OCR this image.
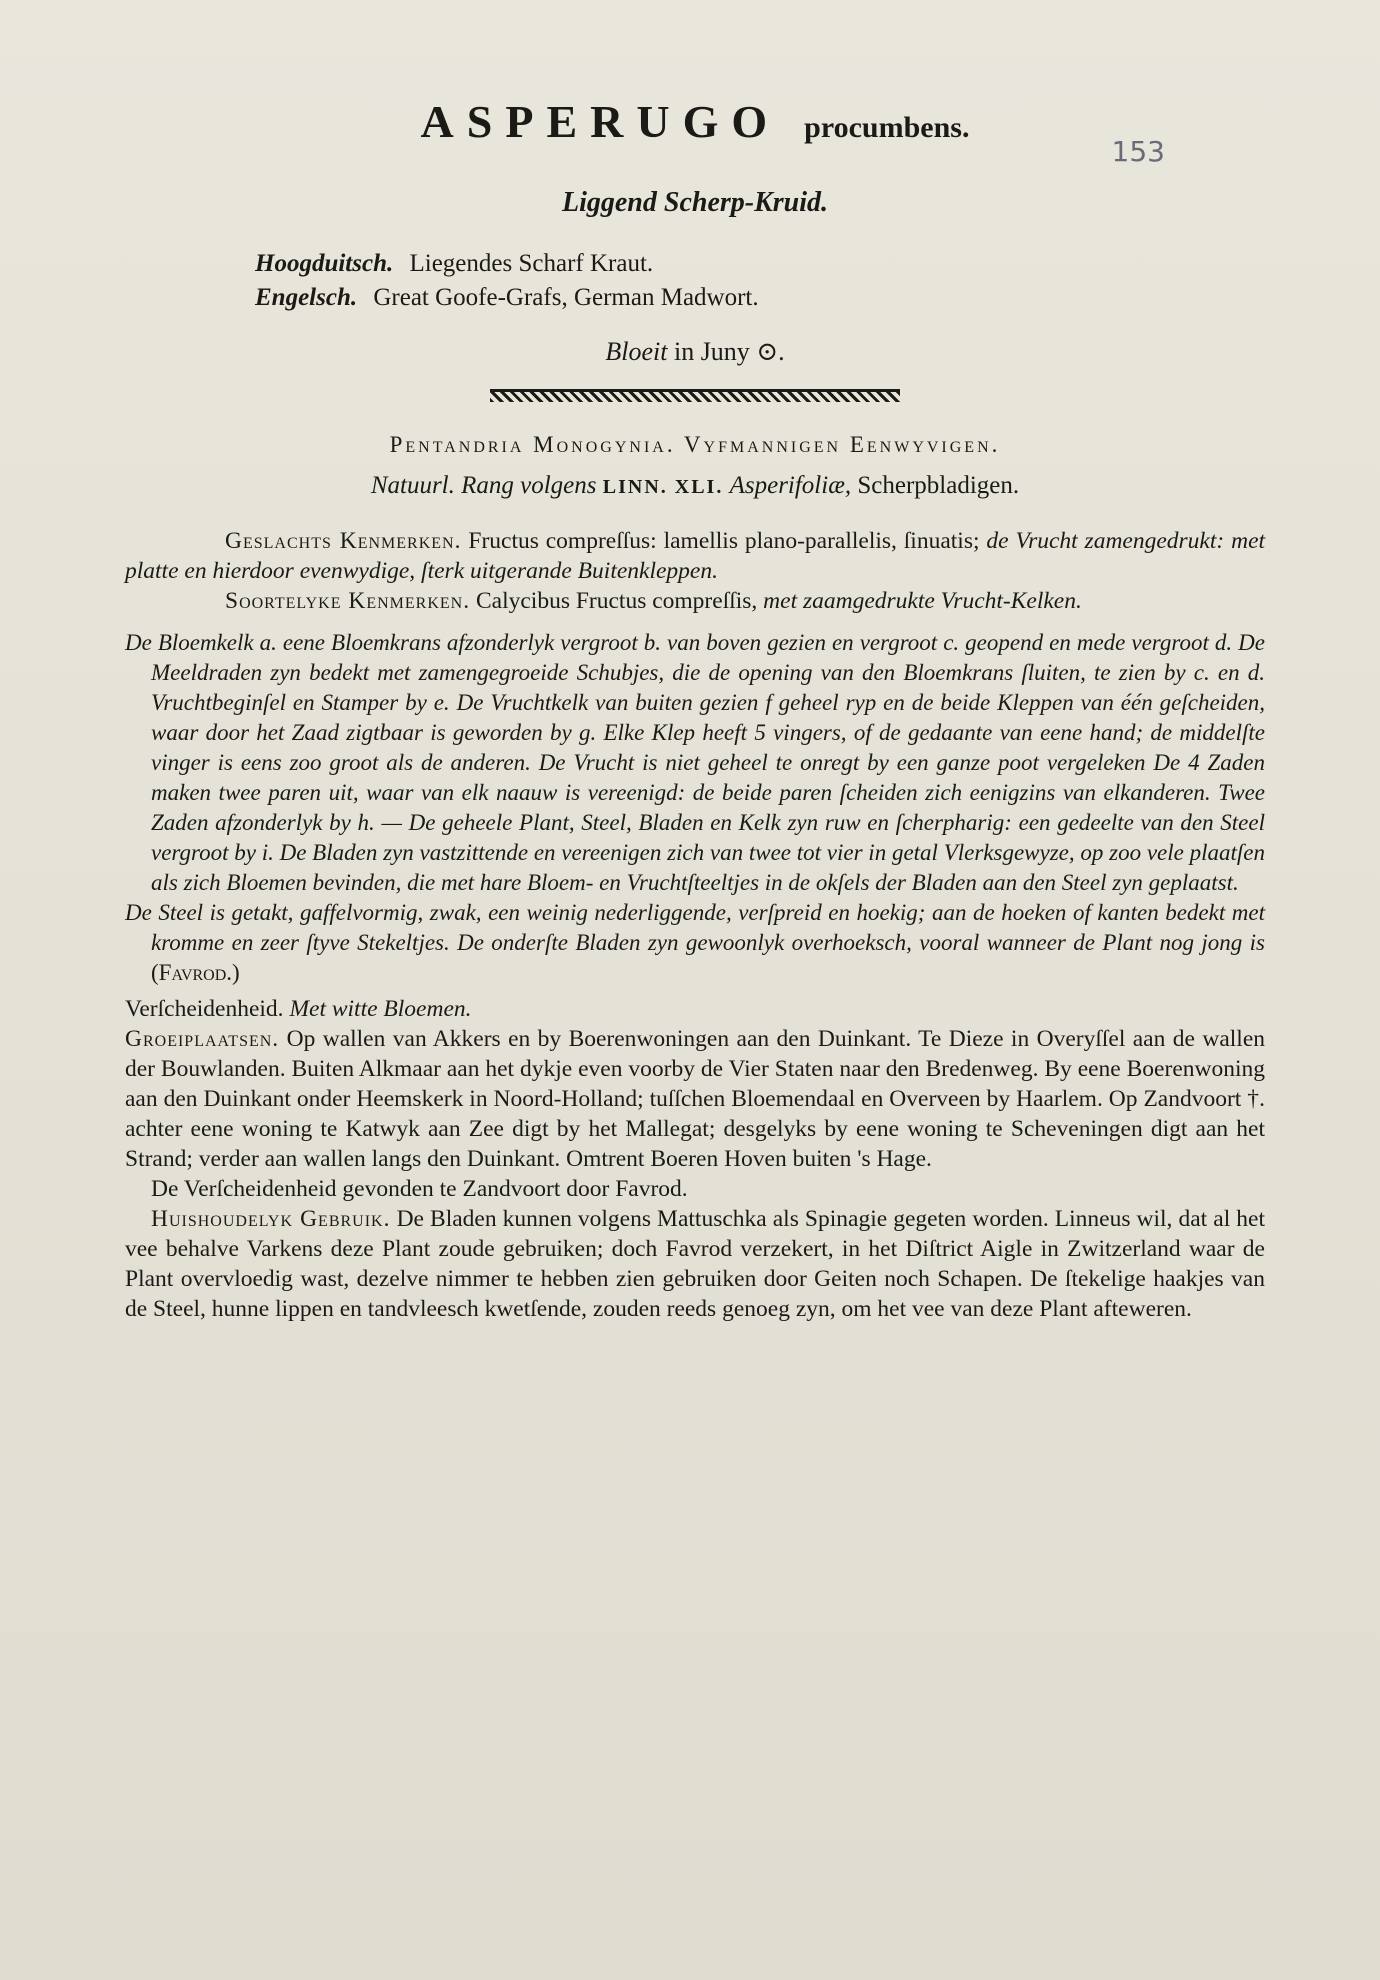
ASPERUGO procumbens.
153
Liggend Scherp-Kruid.
Hoogduitsch. Liegendes Scharf Kraut.
Engelsch. Great Goofe-Grafs, German Madwort.
Bloeit in Juny ⊙.
Pentandria Monogynia. Vyfmannigen Eenwyvigen.
Natuurl. Rang volgens LINN. XLI. Asperifoliæ, Scherpbladigen.

Geslachts Kenmerken. Fructus compreſſus: lamellis plano-parallelis, ſinuatis; de Vrucht zamengedrukt: met platte en hierdoor evenwydige, ſterk uitgerande Buitenkleppen.

Soortelyke Kenmerken. Calycibus Fructus compreſſis, met zaamgedrukte Vrucht-Kelken.

De Bloemkelk a. eene Bloemkrans afzonderlyk vergroot b. van boven gezien en vergroot c. geopend en mede vergroot d. De Meeldraden zyn bedekt met zamengegroeide Schubjes, die de opening van den Bloemkrans ſluiten, te zien by c. en d. Vruchtbeginſel en Stamper by e. De Vruchtkelk van buiten gezien f geheel ryp en de beide Kleppen van één geſcheiden, waar door het Zaad zigtbaar is geworden by g. Elke Klep heeft 5 vingers, of de gedaante van eene hand; de middelſte vinger is eens zoo groot als de anderen. De Vrucht is niet geheel te onregt by een ganze poot vergeleken De 4 Zaden maken twee paren uit, waar van elk naauw is vereenigd: de beide paren ſcheiden zich eenigzins van elkanderen. Twee Zaden afzonderlyk by h. — De geheele Plant, Steel, Bladen en Kelk zyn ruw en ſcherpharig: een gedeelte van den Steel vergroot by i. De Bladen zyn vastzittende en vereenigen zich van twee tot vier in getal Vlerksgewyze, op zoo vele plaatſen als zich Bloemen bevinden, die met hare Bloem- en Vruchtſteeltjes in de okſels der Bladen aan den Steel zyn geplaatst.

De Steel is getakt, gaffelvormig, zwak, een weinig nederliggende, verſpreid en hoekig; aan de hoeken of kanten bedekt met kromme en zeer ſtyve Stekeltjes. De onderſte Bladen zyn gewoonlyk overhoeksch, vooral wanneer de Plant nog jong is (Favrod.)

Verſcheidenheid. Met witte Bloemen.

Groeiplaatsen. Op wallen van Akkers en by Boerenwoningen aan den Duinkant. Te Dieze in Overyſſel aan de wallen der Bouwlanden. Buiten Alkmaar aan het dykje even voorby de Vier Staten naar den Bredenweg. By eene Boerenwoning aan den Duinkant onder Heemskerk in Noord-Holland; tuſſchen Bloemendaal en Overveen by Haarlem. Op Zandvoort †. achter eene woning te Katwyk aan Zee digt by het Mallegat; desgelyks by eene woning te Scheveningen digt aan het Strand; verder aan wallen langs den Duinkant. Omtrent Boeren Hoven buiten 's Hage.

De Verſcheidenheid gevonden te Zandvoort door Favrod.

Huishoudelyk Gebruik. De Bladen kunnen volgens Mattuschka als Spinagie gegeten worden. Linneus wil, dat al het vee behalve Varkens deze Plant zoude gebruiken; doch Favrod verzekert, in het Diſtrict Aigle in Zwitzerland waar de Plant overvloedig wast, dezelve nimmer te hebben zien gebruiken door Geiten noch Schapen. De ſtekelige haakjes van de Steel, hunne lippen en tandvleesch kwetſende, zouden reeds genoeg zyn, om het vee van deze Plant afteweren.
